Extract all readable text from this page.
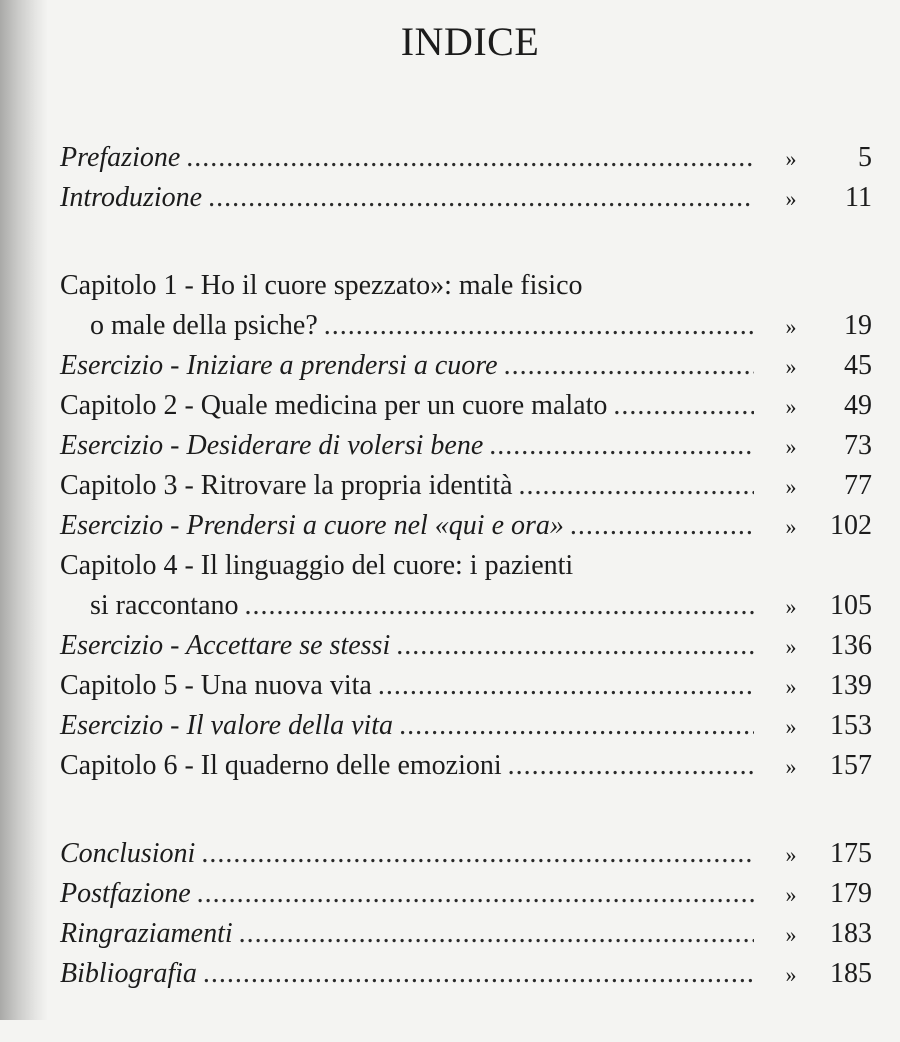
INDICE
Prefazione .....	»	5
Introduzione .....	»	11
Capitolo 1 - Ho il cuore spezzato»: male fisico
o male della psiche? .....	»	19
Esercizio - Iniziare a prendersi a cuore .....	»	45
Capitolo 2 - Quale medicina per un cuore malato .....	»	49
Esercizio - Desiderare di volersi bene .....	»	73
Capitolo 3 - Ritrovare la propria identità .....	»	77
Esercizio - Prendersi a cuore nel «qui e ora» .....	»	102
Capitolo 4 - Il linguaggio del cuore: i pazienti
si raccontano .....	»	105
Esercizio - Accettare se stessi .....	»	136
Capitolo 5 - Una nuova vita .....	»	139
Esercizio - Il valore della vita .....	»	153
Capitolo 6 - Il quaderno delle emozioni .....	»	157
Conclusioni .....	»	175
Postfazione .....	»	179
Ringraziamenti .....	»	183
Bibliografia .....	»	185
